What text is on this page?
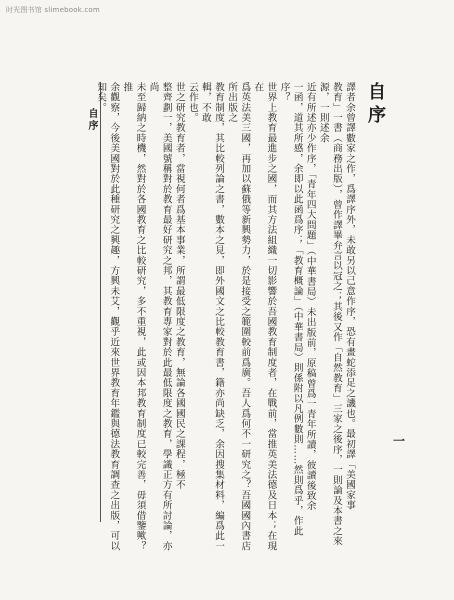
时光图书馆 slimebook.com
自序	自序
譯者余曾譯數家之作，爲譯序外，未敢另以己意作序，恐有畫蛇添足之譏也。最初譯「美國家事
教育」一書（商務出版），曾作譯畢弁言以冠之；其後又作「自然教育」三家之後序，一則論及本書之來源，一則述余
近有所述亦少作序，「青年四大問題」（中華書局）未出版前，原稿曾爲一青年所讀，彼讀後致余
一函，道其所感，余即以此函爲序；「教育概論」（中華書局）則係附以凡例數則……然則爲乎，作此序？
世界上教育最進步之國，而其方法組織一切影響於吾國教育制度者，在戰前，當推英美法德及日本；在現在
爲英法美三國，再加以蘇俄等新興勢力，於是接受之範圍較前爲廣。吾人爲何不一研究之？吾國國內書店所出版之
教育制度，其比較列論之書，數本之見，即外國文之比較教育書，籍亦尚缺乏，余因搜集材料，編爲此一輯，不敢
云作也。
世之研究教育者，當視何者爲基本事業，所謂最低限度之教育，無論各國國民之課程，極不
整齊劃一，美國號稱對於教育最好研究之邦，其教育專家對於此最低限度之教育，學識正方有所討論，亦尚
未至歸納之時機，然對於各國教育之比較研究，多不重視，此或因本邦教育制度已較完善，毋須借鑒歟？推
余觀察，今後美國對於此種研究之興趣，方興未艾，觀乎近來世界教育年鑑與德法教育調查之出版，可以
知矣。
一
